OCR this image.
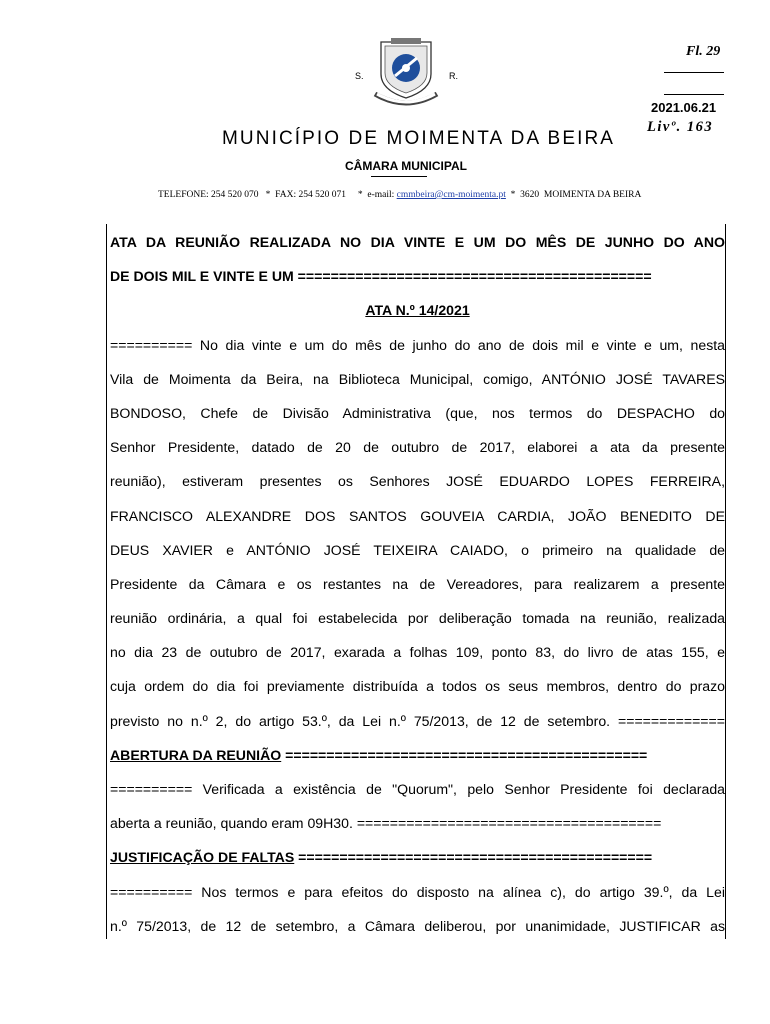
S.	R.
Fl. 29
2021.06.21
Livº. 163
MUNICÍPIO DE MOIMENTA DA BEIRA
CÂMARA MUNICIPAL
TELEFONE: 254 520 070   *  FAX: 254 520 071     *  e-mail: cmmbeira@cm-moimenta.pt  *  3620  MOIMENTA DA BEIRA
ATA DA REUNIÃO REALIZADA NO DIA VINTE E UM DO MÊS DE JUNHO DO ANO
DE DOIS MIL E VINTE E UM ===========================================
ATA N.º 14/2021
========== No dia vinte e um do mês de junho do ano de dois mil e vinte e um, nesta
Vila de Moimenta da Beira, na Biblioteca Municipal, comigo, ANTÓNIO JOSÉ TAVARES
BONDOSO, Chefe de Divisão Administrativa (que, nos termos do DESPACHO do
Senhor Presidente, datado de 20 de outubro de 2017, elaborei a ata da presente
reunião), estiveram presentes os Senhores JOSÉ EDUARDO LOPES FERREIRA,
FRANCISCO ALEXANDRE DOS SANTOS GOUVEIA CARDIA, JOÃO BENEDITO DE
DEUS XAVIER e ANTÓNIO JOSÉ TEIXEIRA CAIADO, o primeiro na qualidade de
Presidente da Câmara e os restantes na de Vereadores, para realizarem a presente
reunião ordinária, a qual foi estabelecida por deliberação tomada na reunião, realizada
no dia 23 de outubro de 2017, exarada a folhas 109, ponto 83, do livro de atas 155, e
cuja ordem do dia foi previamente distribuída a todos os seus membros, dentro do prazo
previsto no n.º 2, do artigo 53.º, da Lei n.º 75/2013, de 12 de setembro. =============
ABERTURA DA REUNIÃO ============================================
========== Verificada a existência de "Quorum", pelo Senhor Presidente foi declarada
aberta a reunião, quando eram 09H30. =====================================
JUSTIFICAÇÃO DE FALTAS ===========================================
========== Nos termos e para efeitos do disposto na alínea c), do artigo 39.º, da Lei
n.º 75/2013, de 12 de setembro, a Câmara deliberou, por unanimidade, JUSTIFICAR as
